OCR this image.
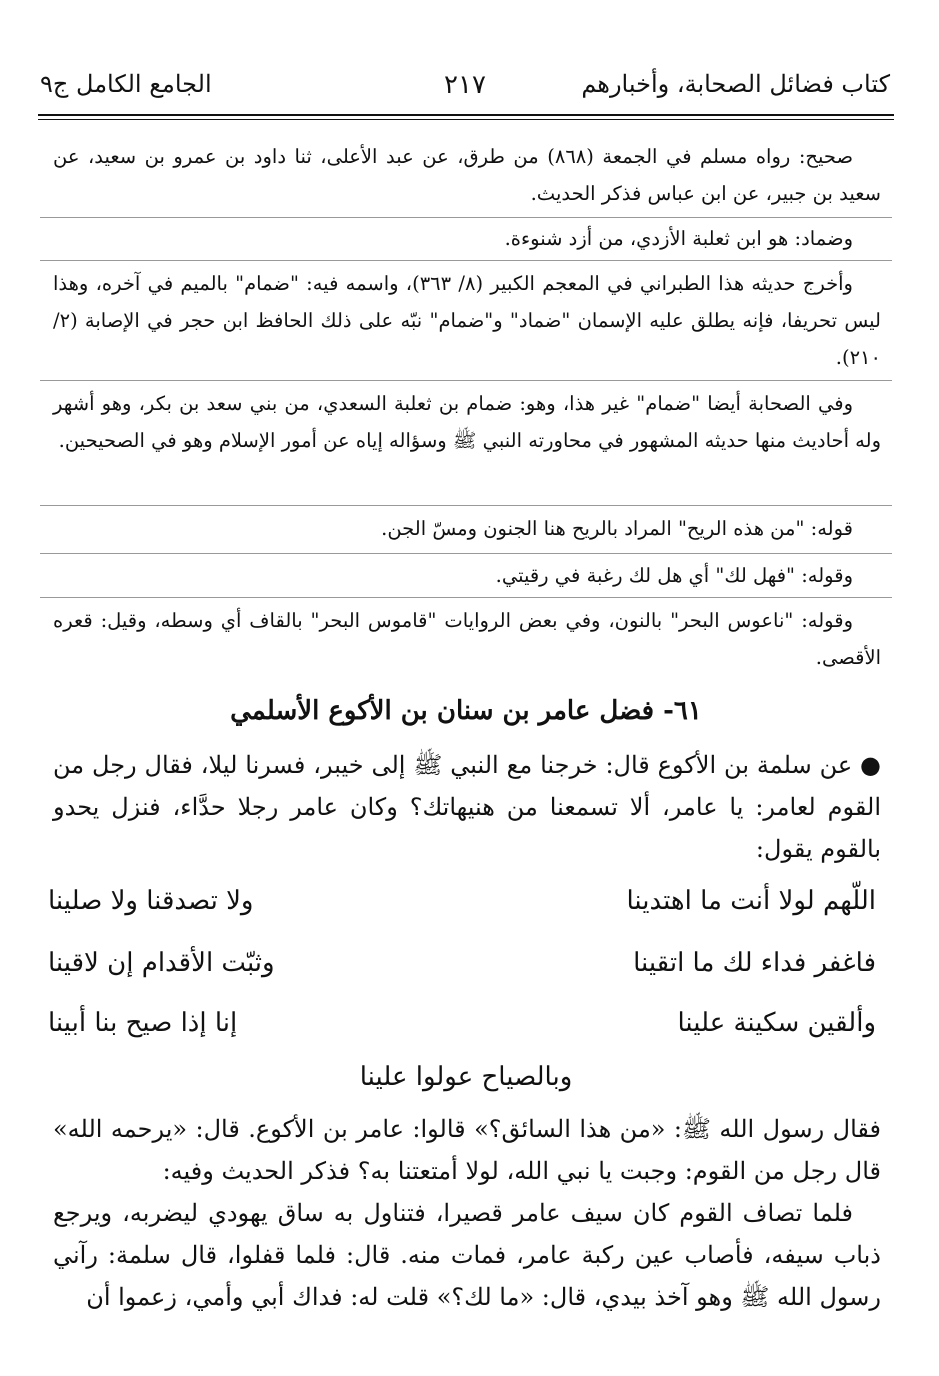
كتاب فضائل الصحابة، وأخبارهم
٢١٧
الجامع الكامل ج٩

صحيح: رواه مسلم في الجمعة (٨٦٨) من طرق، عن عبد الأعلى، ثنا داود بن عمرو بن سعيد، عن سعيد بن جبير، عن ابن عباس فذكر الحديث.

وضماد: هو ابن ثعلبة الأزدي، من أزد شنوءة.

وأخرج حديثه هذا الطبراني في المعجم الكبير (٨/ ٣٦٣)، واسمه فيه: "ضمام" بالميم في آخره، وهذا ليس تحريفا، فإنه يطلق عليه الإسمان "ضماد" و"ضمام" نبّه على ذلك الحافظ ابن حجر في الإصابة (٢/ ٢١٠).

وفي الصحابة أيضا "ضمام" غير هذا، وهو: ضمام بن ثعلبة السعدي، من بني سعد بن بكر، وهو أشهر وله أحاديث منها حديثه المشهور في محاورته النبي ﷺ وسؤاله إياه عن أمور الإسلام وهو في الصحيحين.

قوله: "من هذه الريح" المراد بالريح هنا الجنون ومسّ الجن.

وقوله: "فهل لك" أي هل لك رغبة في رقيتي.

وقوله: "ناعوس البحر" بالنون، وفي بعض الروايات "قاموس البحر" بالقاف أي وسطه، وقيل: قعره الأقصى.

٦١- فضل عامر بن سنان بن الأكوع الأسلمي

● عن سلمة بن الأكوع قال: خرجنا مع النبي ﷺ إلى خيبر، فسرنا ليلا، فقال رجل من القوم لعامر: يا عامر، ألا تسمعنا من هنيهاتك؟ وكان عامر رجلا حدَّاء، فنزل يحدو بالقوم يقول:

اللّهم لولا أنت ما اهتدينا
ولا تصدقنا ولا صلينا
فاغفر فداء لك ما اتقينا
وثبّت الأقدام إن لاقينا
وألقين سكينة علينا
إنا إذا صيح بنا أبينا
وبالصياح عولوا علينا

فقال رسول الله ﷺ: «من هذا السائق؟» قالوا: عامر بن الأكوع. قال: «يرحمه الله» قال رجل من القوم: وجبت يا نبي الله، لولا أمتعتنا به؟ فذكر الحديث وفيه:

فلما تصاف القوم كان سيف عامر قصيرا، فتناول به ساق يهودي ليضربه، ويرجع ذباب سيفه، فأصاب عين ركبة عامر، فمات منه. قال: فلما قفلوا، قال سلمة: رآني رسول الله ﷺ وهو آخذ بيدي، قال: «ما لك؟» قلت له: فداك أبي وأمي، زعموا أن
